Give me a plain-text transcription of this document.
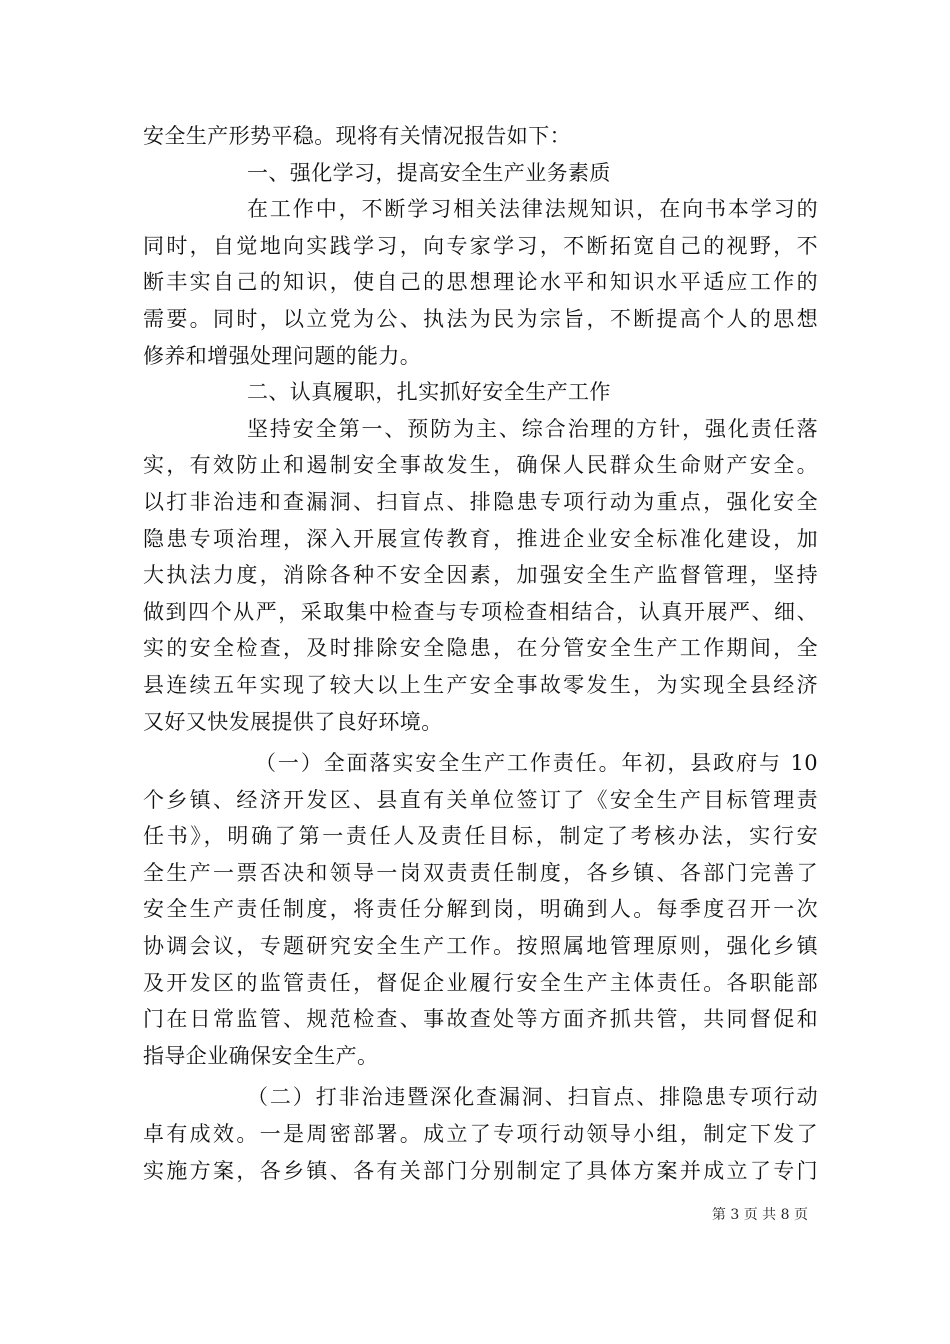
安全生产形势平稳。现将有关情况报告如下：
一、强化学习，提高安全生产业务素质
在工作中，不断学习相关法律法规知识，在向书本学习的
同时，自觉地向实践学习，向专家学习，不断拓宽自己的视野，不
断丰实自己的知识，使自己的思想理论水平和知识水平适应工作的
需要。同时，以立党为公、执法为民为宗旨，不断提高个人的思想
修养和增强处理问题的能力。
二、认真履职，扎实抓好安全生产工作
坚持安全第一、预防为主、综合治理的方针，强化责任落
实，有效防止和遏制安全事故发生，确保人民群众生命财产安全。
以打非治违和查漏洞、扫盲点、排隐患专项行动为重点，强化安全
隐患专项治理，深入开展宣传教育，推进企业安全标准化建设，加
大执法力度，消除各种不安全因素，加强安全生产监督管理，坚持
做到四个从严，采取集中检查与专项检查相结合，认真开展严、细、
实的安全检查，及时排除安全隐患，在分管安全生产工作期间，全
县连续五年实现了较大以上生产安全事故零发生，为实现全县经济
又好又快发展提供了良好环境。
（一）全面落实安全生产工作责任。年初，县政府与 10
个乡镇、经济开发区、县直有关单位签订了《安全生产目标管理责
任书》，明确了第一责任人及责任目标，制定了考核办法，实行安
全生产一票否决和领导一岗双责责任制度，各乡镇、各部门完善了
安全生产责任制度，将责任分解到岗，明确到人。每季度召开一次
协调会议，专题研究安全生产工作。按照属地管理原则，强化乡镇
及开发区的监管责任，督促企业履行安全生产主体责任。各职能部
门在日常监管、规范检查、事故查处等方面齐抓共管，共同督促和
指导企业确保安全生产。
（二）打非治违暨深化查漏洞、扫盲点、排隐患专项行动
卓有成效。一是周密部署。成立了专项行动领导小组，制定下发了
实施方案，各乡镇、各有关部门分别制定了具体方案并成立了专门
第 3 页 共 8 页
